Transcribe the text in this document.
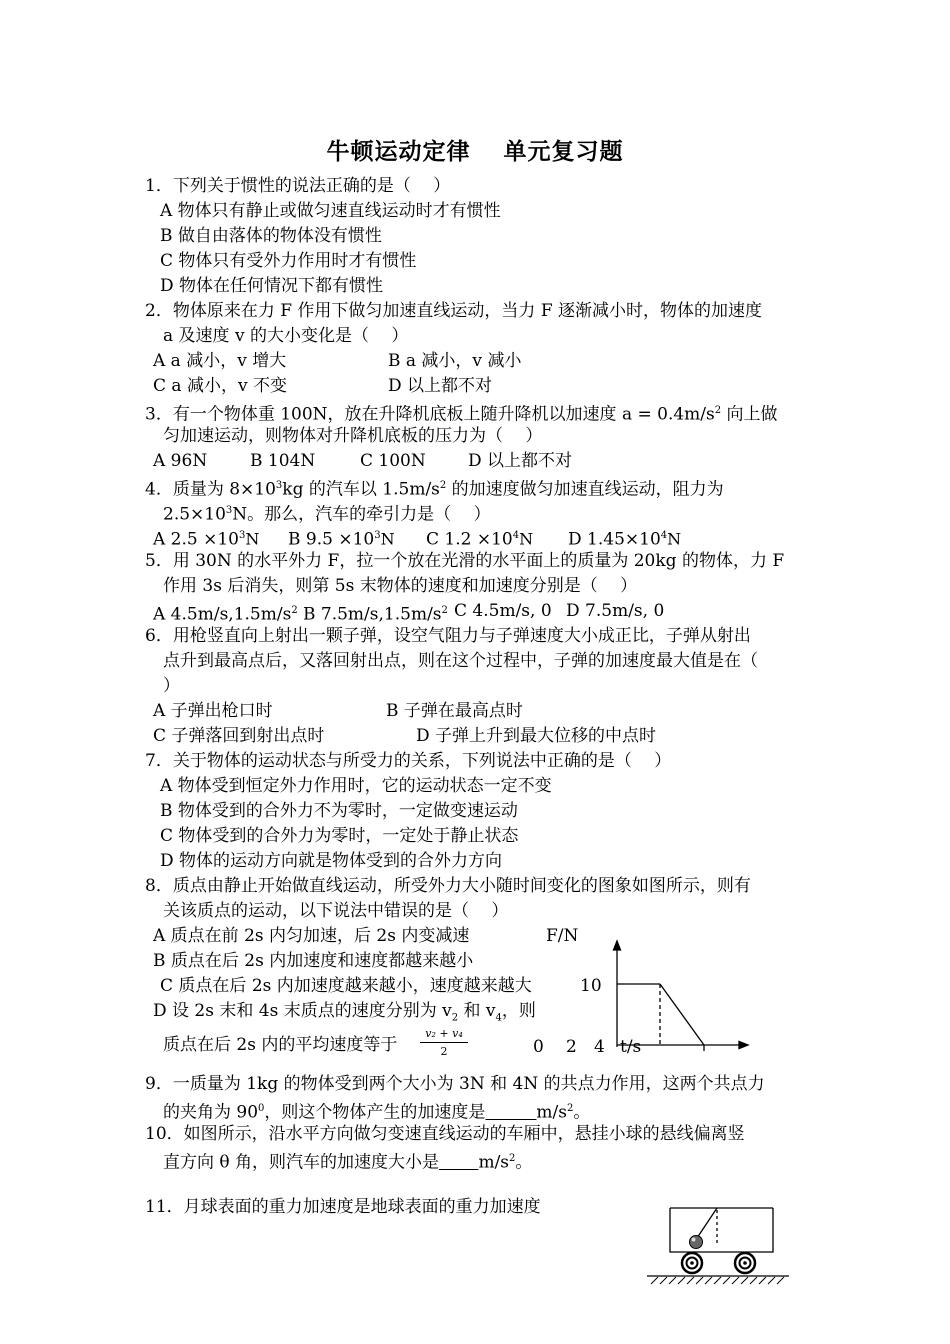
牛顿运动定律　 单元复习题
1．下列关于惯性的说法正确的是（　 ）
A 物体只有静止或做匀速直线运动时才有惯性
B 做自由落体的物体没有惯性
C 物体只有受外力作用时才有惯性
D 物体在任何情况下都有惯性
2．物体原来在力 F 作用下做匀加速直线运动，当力 F 逐渐减小时，物体的加速度
a 及速度 v 的大小变化是（　 ）
A a 减小，v 增大	B a 减小，v 减小
C a 减小，v 不变	D 以上都不对
3．有一个物体重 100N，放在升降机底板上随升降机以加速度 $a = 0.4m/s^2$ 向上做
匀加速运动，则物体对升降机底板的压力为（　 ）
A 96N	B 104N	C 100N D 以上都不对
4．质量为 $8\times 10^3kg$ 的汽车以 $1.5m/s^2$ 的加速度做匀加速直线运动，阻力为
$2.5\times 10^3N$。那么，汽车的牵引力是（　 ）
A $2.5 \times 10^3N$ B $9.5 \times 10^3N$ C $1.2 \times 10^4N$ D $1.45\times 10^4N$
5．用 30N 的水平外力 F，拉一个放在光滑的水平面上的质量为 20kg 的物体，力 F
作用 3s 后消失，则第 5s 末物体的速度和加速度分别是（　 ）
A $4.5m/s,1.5m/s^2$ B $7.5m/s,1.5m/s^2$ C 4.5m/s, 0 D 7.5m/s, 0
6．用枪竖直向上射出一颗子弹，设空气阻力与子弹速度大小成正比，子弹从射出
点升到最高点后，又落回射出点，则在这个过程中，子弹的加速度最大值是在（
）
A 子弹出枪口时	B 子弹在最高点时
C 子弹落回到射出点时	D 子弹上升到最大位移的中点时
7．关于物体的运动状态与所受力的关系，下列说法中正确的是（　 ）
A 物体受到恒定外力作用时，它的运动状态一定不变
B 物体受到的合外力不为零时，一定做变速运动
C 物体受到的合外力为零时，一定处于静止状态
D 物体的运动方向就是物体受到的合外力方向
8．质点由静止开始做直线运动，所受外力大小随时间变化的图象如图所示，则有
关该质点的运动，以下说法中错误的是（　 ）
A 质点在前 2s 内匀加速，后 2s 内变减速
B 质点在后 2s 内加速度和速度都越来越小
C 质点在后 2s 内加速度越来越小，速度越来越大
D 设 2s 末和 4s 末质点的速度分别为 $v_2$ 和 $v_4$，则
质点在后 2s 内的平均速度等于 $\frac{\text{v₂ + v₄}}{2}$
F/N
10
0 2 4 t/s
9．一质量为 1kg 的物体受到两个大小为 3N 和 4N 的共点力作用，这两个共点力
的夹角为 $90^0$，则这个物体产生的加速度是　　　	$m/s^2$。
10．如图所示，沿水平方向做匀变速直线运动的车厢中，悬挂小球的悬线偏离竖
直方向 θ 角，则汽车的加速度大小是　　 $m/s^2$。
11．月球表面的重力加速度是地球表面的重力加速度
